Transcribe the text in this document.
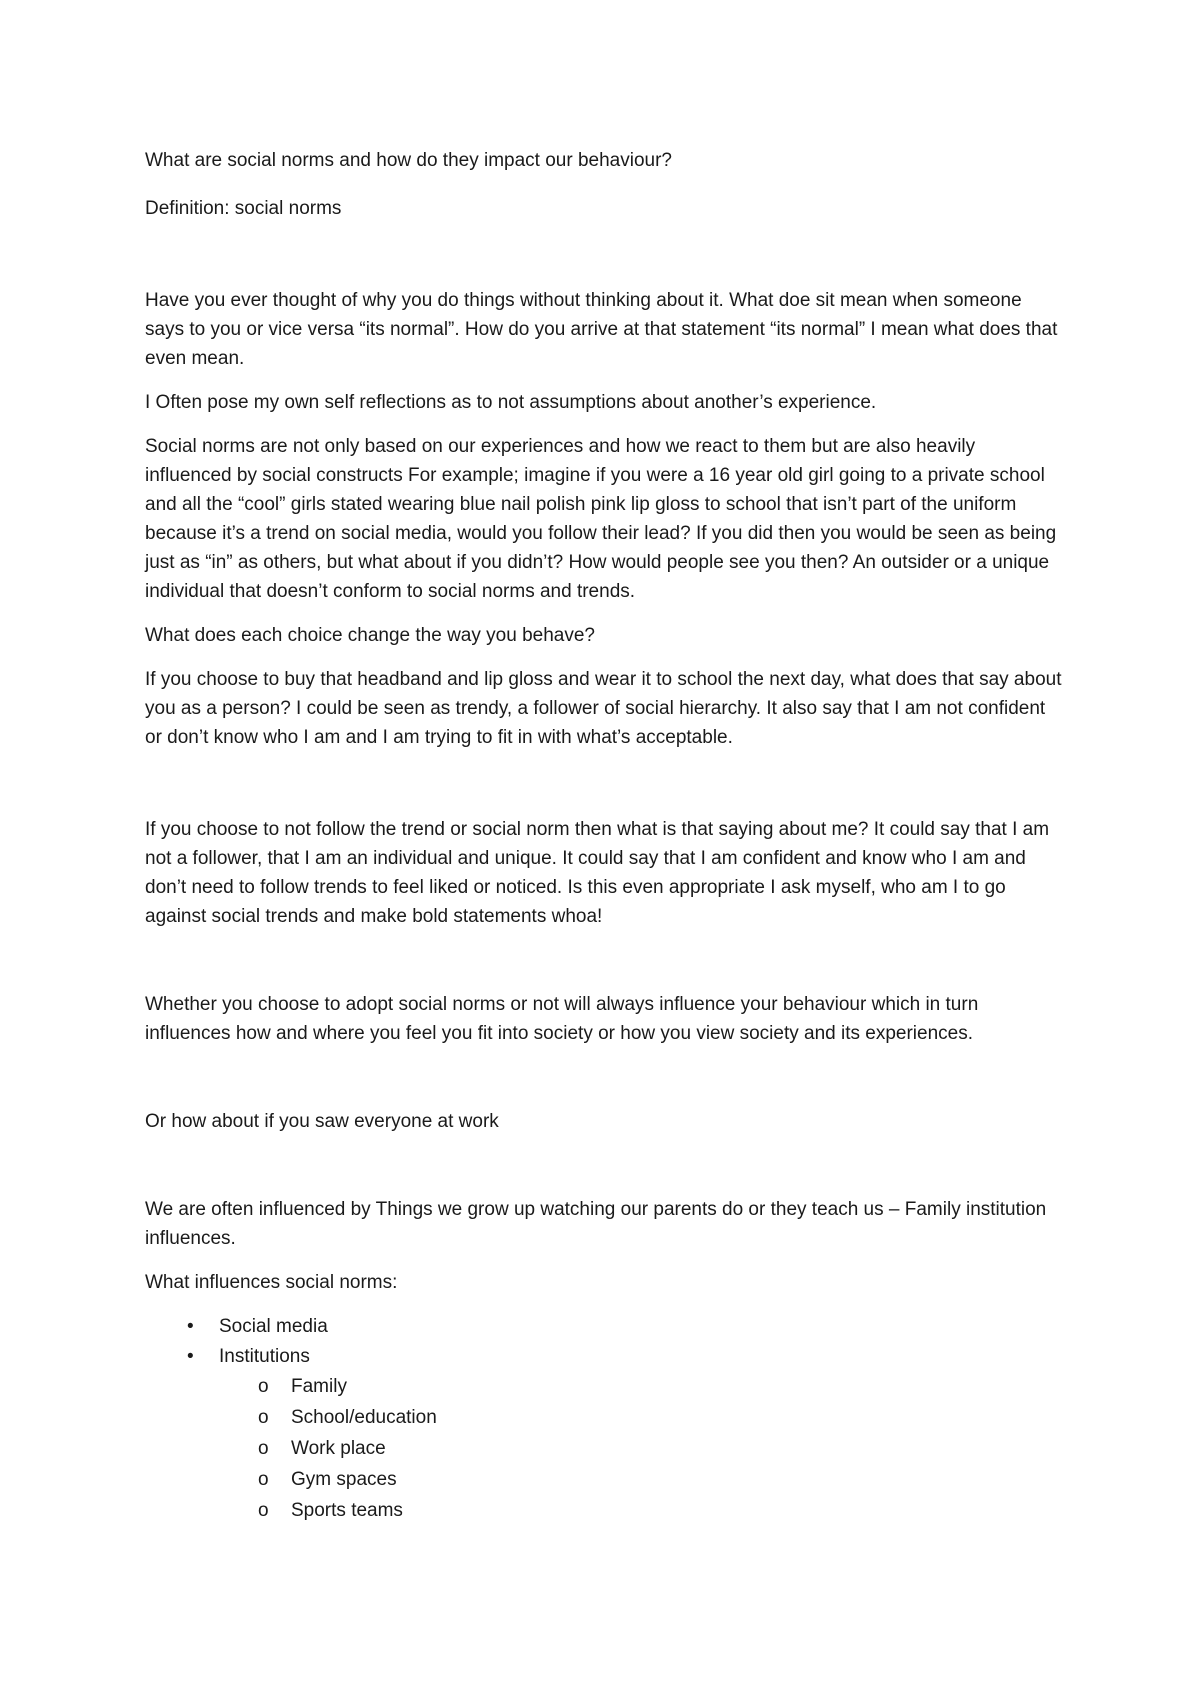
What are social norms and how do they impact our behaviour?

Definition: social norms

Have you ever thought of why you do things without thinking about it. What doe sit mean when someone says to you or vice versa “its normal”. How do you arrive at that statement “its normal” I mean what does that even mean.

I Often pose my own self reflections as to not assumptions about another’s experience.

Social norms are not only based on our experiences and how we react to them but are also heavily influenced by social constructs For example; imagine if you were a 16 year old girl going to a private school and all the “cool” girls stated wearing blue nail polish pink lip gloss to school that isn’t part of the uniform because it’s a trend on social media, would you follow their lead? If you did then you would be seen as being just as “in” as others, but what about if you didn’t? How would people see you then? An outsider or a unique individual that doesn’t conform to social norms and trends.

What does each choice change the way you behave?

If you choose to buy that headband and lip gloss and wear it to school the next day, what does that say about you as a person? I could be seen as trendy, a follower of social hierarchy. It also say that I am not confident or don’t know who I am and I am trying to fit in with what’s acceptable.

If you choose to not follow the trend or social norm then what is that saying about me? It could say that I am not a follower, that I am an individual and unique. It could say that I am confident and know who I am and don’t need to follow trends to feel liked or noticed. Is this even appropriate I ask myself, who am I to go against social trends and make bold statements whoa!

Whether you choose to adopt social norms or not will always influence your behaviour which in turn influences how and where you feel you fit into society or how you view society and its experiences.

Or how about if you saw everyone at work

We are often influenced by Things we grow up watching our parents do or they teach us – Family institution influences.

What influences social norms:

• Social media
• Institutions
o Family
o School/education
o Work place
o Gym spaces
o Sports teams
